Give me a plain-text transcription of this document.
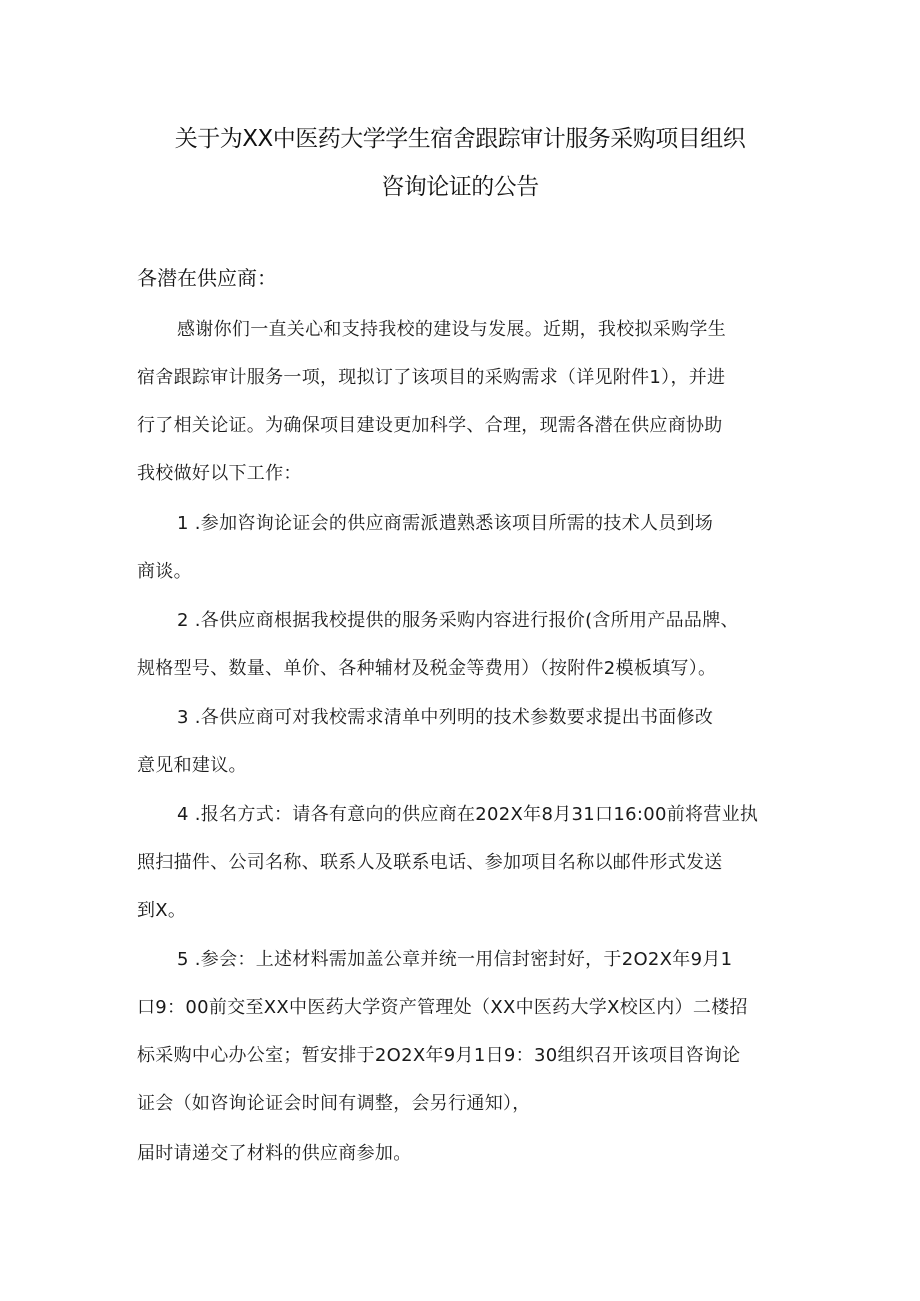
关于为XX中医药大学学生宿舍跟踪审计服务采购项目组织
咨询论证的公告
各潜在供应商：
感谢你们一直关心和支持我校的建设与发展。近期，我校拟采购学生
宿舍跟踪审计服务一项，现拟订了该项目的采购需求（详见附件1），并进
行了相关论证。为确保项目建设更加科学、合理，现需各潜在供应商协助
我校做好以下工作：
1 .参加咨询论证会的供应商需派遣熟悉该项目所需的技术人员到场
商谈。
2 .各供应商根据我校提供的服务采购内容进行报价(含所用产品品牌、
规格型号、数量、单价、各种辅材及税金等费用）（按附件2模板填写）。
3 .各供应商可对我校需求清单中列明的技术参数要求提出书面修改
意见和建议。
4 .报名方式：请各有意向的供应商在202X年8月31口16:00前将营业执
照扫描件、公司名称、联系人及联系电话、参加项目名称以邮件形式发送
到X。
5 .参会：上述材料需加盖公章并统一用信封密封好，于2O2X年9月1
口9：00前交至XX中医药大学资产管理处（XX中医药大学X校区内）二楼招
标采购中心办公室；暂安排于2O2X年9月1日9：30组织召开该项目咨询论
证会（如咨询论证会时间有调整，会另行通知），
届时请递交了材料的供应商参加。
